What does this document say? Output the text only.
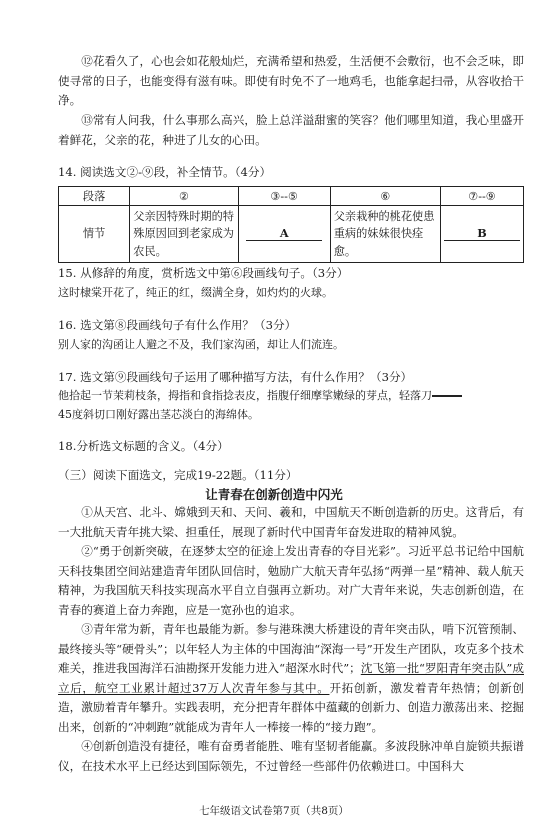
⑫花看久了，心也会如花般灿烂，充满希望和热爱，生活便不会敷衍，也不会乏味，即使寻常的日子，也能变得有滋有味。即使有时免不了一地鸡毛，也能拿起扫帚，从容收拾干净。
⑬常有人问我，什么事那么高兴，脸上总洋溢甜蜜的笑容？他们哪里知道，我心里盛开着鲜花，父亲的花，种进了儿女的心田。
14. 阅读选文②-⑨段，补全情节。（4分）
段落	②	③--⑤	⑥	⑦--⑨
情节	父亲因特殊时期的特殊原因回到老家成为农民。	A	父亲栽种的桃花使患重病的妹妹很快痊愈。	B
15. 从修辞的角度，赏析选文中第⑥段画线句子。（3分）
这时棣棠开花了，纯正的红，缀满全身，如灼灼的火球。
16. 选文第⑧段画线句子有什么作用？（3分）
别人家的沟函让人避之不及，我们家沟函，却让人们流连。
17. 选文第⑨段画线句子运用了哪种描写方法，有什么作用？（3分）
他拾起一节茉莉枝条，拇指和食指捻表皮，指腹仔细摩挲嫩绿的芽点，轻落刀
45度斜切口刚好露出茎芯淡白的海绵体。
18.分析选文标题的含义。（4分）
（三）阅读下面选文，完成19-22题。（11分）
让青春在创新创造中闪光
①从天宫、北斗、嫦娥到天和、天问、羲和，中国航天不断创造新的历史。这背后，有一大批航天青年挑大梁、担重任，展现了新时代中国青年奋发进取的精神风貌。
②“勇于创新突破，在逐梦太空的征途上发出青春的夺目光彩”。习近平总书记给中国航天科技集团空间站建造青年团队回信时，勉励广大航天青年弘扬“两弹一星”精神、载人航天精神，为我国航天科技实现高水平自立自强再立新功。对广大青年来说，失志创新创造，在青春的赛道上奋力奔跑，应是一宽孙也的追求。
③青年常为新，青年也最能为新。参与港珠澳大桥建设的青年突击队，啃下沉管预制、最终接头等“硬骨头”；以年轻人为主体的中国海油“深海一号”开发生产团队，攻克多个技术难关，推进我国海洋石油勘探开发能力进入“超深水时代”；沈飞第一批“罗阳青年突击队”成立后，航空工业累计超过37万人次青年参与其中。开拓创新，激发着青年热情；创新创造，激励着青年攀升。实践表明，充分把青年群体中蕴藏的创新力、创造力激荡出来、挖掘出来，创新的“冲刺跑”就能成为青年人一棒接一棒的“接力跑”。
④创新创造没有捷径，唯有奋勇者能胜、唯有坚韧者能赢。多波段脉冲单自旋锁共振谱仪，在技术水平上已经达到国际领先，不过曾经一些部件仍依赖进口。中国科大
七年级语文试卷第7页（共8页）
